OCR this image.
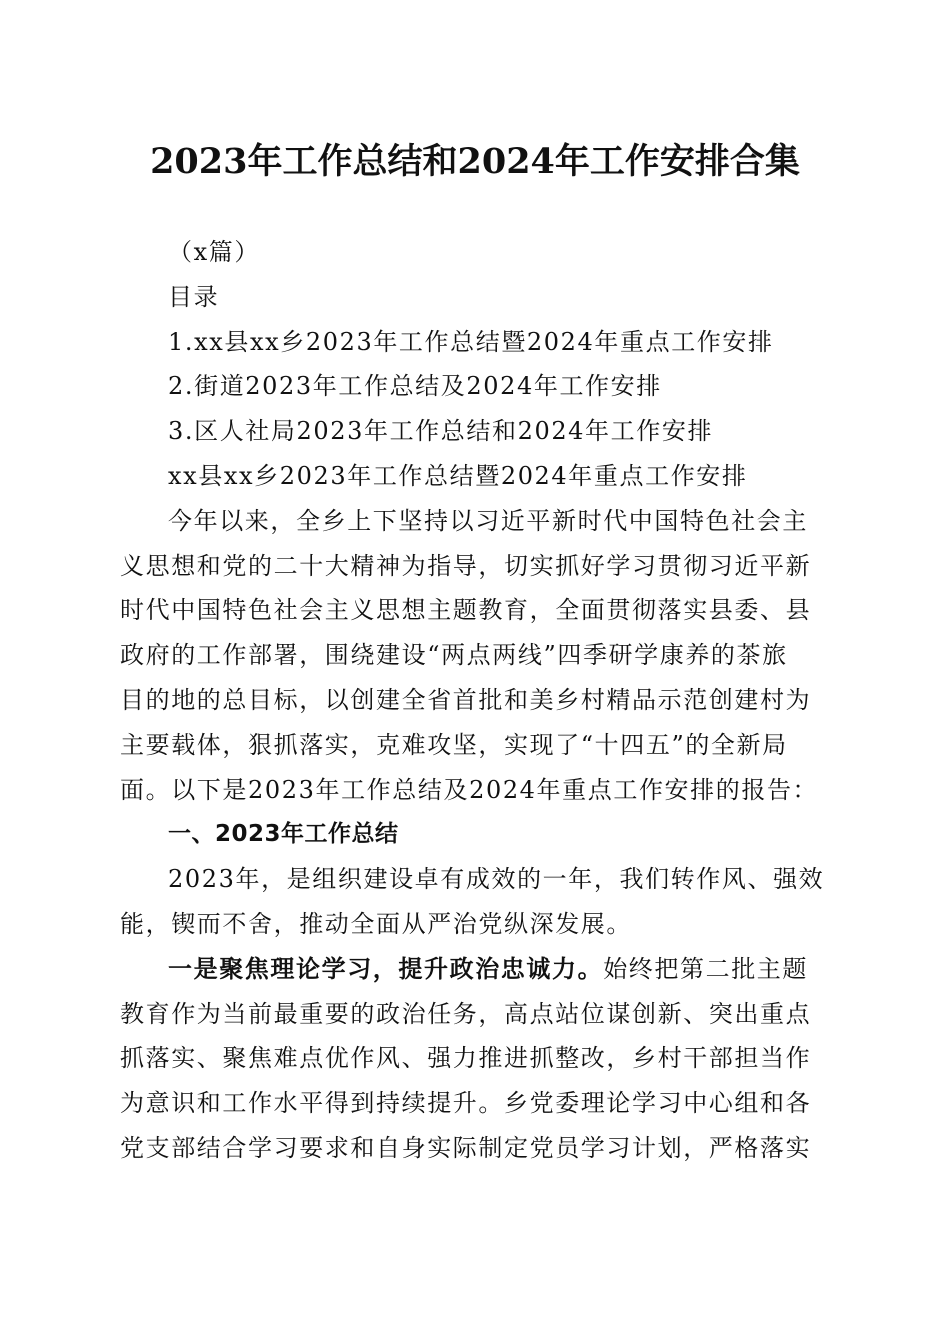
2023年工作总结和2024年工作安排合集

（x篇）

目录

1.xx县xx乡2023年工作总结暨2024年重点工作安排

2.街道2023年工作总结及2024年工作安排

3.区人社局2023年工作总结和2024年工作安排

xx县xx乡2023年工作总结暨2024年重点工作安排

今年以来，全乡上下坚持以习近平新时代中国特色社会主

义思想和党的二十大精神为指导，切实抓好学习贯彻习近平新

时代中国特色社会主义思想主题教育，全面贯彻落实县委、县

政府的工作部署，围绕建设“两点两线”四季研学康养的茶旅

目的地的总目标，以创建全省首批和美乡村精品示范创建村为

主要载体，狠抓落实，克难攻坚，实现了“十四五”的全新局

面。以下是2023年工作总结及2024年重点工作安排的报告：

一、2023年工作总结

2023年，是组织建设卓有成效的一年，我们转作风、强效

能，锲而不舍，推动全面从严治党纵深发展。

一是聚焦理论学习，提升政治忠诚力。始终把第二批主题

教育作为当前最重要的政治任务，高点站位谋创新、突出重点

抓落实、聚焦难点优作风、强力推进抓整改，乡村干部担当作

为意识和工作水平得到持续提升。乡党委理论学习中心组和各

党支部结合学习要求和自身实际制定党员学习计划，严格落实
